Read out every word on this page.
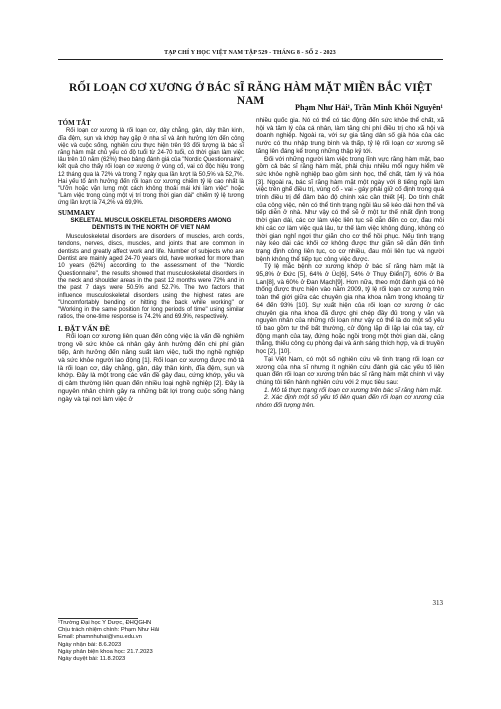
TẠP CHÍ Y HỌC VIỆT NAM TẬP 529 - THÁNG 8 - SỐ 2 - 2023
RỐI LOẠN CƠ XƯƠNG Ở BÁC SĨ RĂNG HÀM MẶT MIỀN BẮC VIỆT NAM
Phạm Như Hải¹, Trần Minh Khôi Nguyên¹
TÓM TẮT

Rối loạn cơ xương là rối loạn cơ, dây chằng, gân, dây thần kinh, đĩa đệm, sụn và khớp hay gặp ở nha sĩ và ảnh hưởng lớn đến công việc và cuộc sống, nghiên cứu thực hiện trên 93 đối tượng là bác sĩ răng hàm mặt chủ yếu có độ tuổi từ 24-70 tuổi, có thời gian làm việc lâu trên 10 năm (62%) theo bảng đánh giá của "Nordic Questionnaire", kết quả cho thấy rối loạn cơ xương ở vùng cổ, vai có độc hiệu trong 12 tháng qua là 72% và trong 7 ngày qua lần lượt là 50,5% và 52,7%. Hai yếu tố ảnh hưởng đến rối loạn cơ xương chiếm tỷ lệ cao nhất là "Ưỡn hoặc vặn lưng một cách không thoải mái khi làm việc" hoặc "Làm việc trong cùng một vị trí trong thời gian dài" chiếm tỷ lệ tương ứng lần lượt là 74,2% và 69,9%.

SUMMARY
SKELETAL MUSCULOSKELETAL DISORDERS AMONG DENTISTS IN THE NORTH OF VIET NAM

Musculoskeletal disorders are disorders of muscles, arch cords, tendons, nerves, discs, muscles, and joints that are common in dentists and greatly affect work and life. Number of subjects who are Dentist are mainly aged 24-70 years old, have worked for more than 10 years (62%) according to the assessment of the "Nordic Questionnaire", the results showed that musculoskeletal disorders in the neck and shoulder areas in the past 12 months were 72% and in the past 7 days were 50.5% and 52.7%. The two factors that influence musculoskeletal disorders using the highest rates are "Uncomfortably bending or hitting the back while working" or "Working in the same position for long periods of time" using similar ratios, the one-time response is 74.2% and 69.9%, respectively.

I. ĐẶT VẤN ĐỀ

Rối loạn cơ xương liên quan đến công việc là vấn đề nghiêm trọng về sức khỏe cá nhân gây ảnh hưởng đến chi phí giản tiếp, ảnh hưởng đến năng suất làm việc, tuổi thọ nghề nghiệp và sức khỏe người lao động [1]. Rối loạn cơ xương được mô tả là rối loạn cơ, dây chằng, gân, dây thần kinh, đĩa đệm, sụn và khớp. Đây là một trong các vấn đề gây đau, cứng khớp, yếu và dị cảm thường liên quan đến nhiều loại nghề nghiệp [2]. Đây là nguyên nhân chính gây ra những bất lợi trong cuộc sống hàng ngày và tại nơi làm việc ở

¹Trường Đại học Y Dược, ĐHQGHN
Chịu trách nhiệm chính: Phạm Như Hải
Email: phamnhuhai@vnu.edu.vn
Ngày nhận bài: 8.6.2023
Ngày phản biện khoa học: 21.7.2023
Ngày duyệt bài: 11.8.2023

nhiều quốc gia. Nó có thể có tác động đến sức khỏe thể chất, xã hội và tâm lý của cá nhân, làm tăng chi phí điều trị cho xã hội và doanh nghiệp. Ngoài ra, với sự gia tăng dân số già hóa của các nước có thu nhập trung bình và thấp, tỷ lệ rối loạn cơ xương sẽ tăng lên đáng kể trong những thập kỷ tới.

Đối với những người làm việc trong lĩnh vực răng hàm mặt, bao gồm cả bác sĩ răng hàm mặt, phải chịu nhiều mối nguy hiểm về sức khỏe nghề nghiệp bao gồm sinh học, thể chất, tâm lý và hóa [3]. Ngoài ra, bác sĩ răng hàm mặt một ngày với 8 tiếng ngồi làm việc trên ghế điều trị, vùng cổ - vai - gáy phải giữ cố định trong quá trình điều trị để đảm bảo độ chính xác cần thiết [4]. Do tính chất của công việc, nên có thể tình trạng ngồi lâu sẽ kéo dài hơn thế và tiếp diễn ở nhà. Như vậy có thể sẽ ở một tư thế nhất định trong thời gian dài, các cơ làm việc liên tục sẽ dẫn đến co cơ, đau mỏi khi các cơ làm việc quá lâu, tư thế làm việc không đúng, không có thời gian nghỉ ngơi thư giãn cho cơ thể hồi phục. Nếu tình trạng này kéo dài các khối cơ không được thư giãn sẽ dẫn đến tình trạng định công liên tục, co cơ nhiều, đau mỏi liên tục và người bệnh không thể tiếp tục công việc được.

Tỷ lệ mắc bệnh cơ xương khớp ở bác sĩ răng hàm mặt là 95,8% ở Đức [5], 64% ở Úc[6], 54% ở Thụy Điển[7], 60% ở Ba Lan[8], và 60% ở Đan Mạch[9]. Hơn nữa, theo một đánh giá có hệ thống được thực hiện vào năm 2009, tỷ lệ rối loạn cơ xương trên toàn thế giới giữa các chuyên gia nha khoa nằm trong khoảng từ 64 đến 93% [10]. Sự xuất hiện của rối loạn cơ xương ở các chuyên gia nha khoa đã được ghi chép đầy đủ trong y văn và nguyên nhân của những rối loạn như vậy có thể là do một số yếu tố bao gồm tư thế bất thường, cử động lặp đi lặp lại của tay, cử động mạnh của tay, đứng hoặc ngồi trong một thời gian dài, căng thẳng, thiếu công cụ phòng đại và ánh sáng thích hợp, và di truyền học [2], [10].

Tại Việt Nam, có một số nghiên cứu về tình trạng rối loạn cơ xương của nha sĩ nhưng ít nghiên cứu đánh giá các yếu tố liên quan đến rối loạn cơ xương trên bác sĩ răng hàm mặt chính vì vậy chúng tôi tiến hành nghiên cứu với 2 mục tiêu sau:

1. Mô tả thực trạng rối loạn cơ xương trên bác sĩ răng hàm mặt.

2. Xác định một số yếu tố liên quan đến rối loạn cơ xương của nhóm đối tượng trên.

313
